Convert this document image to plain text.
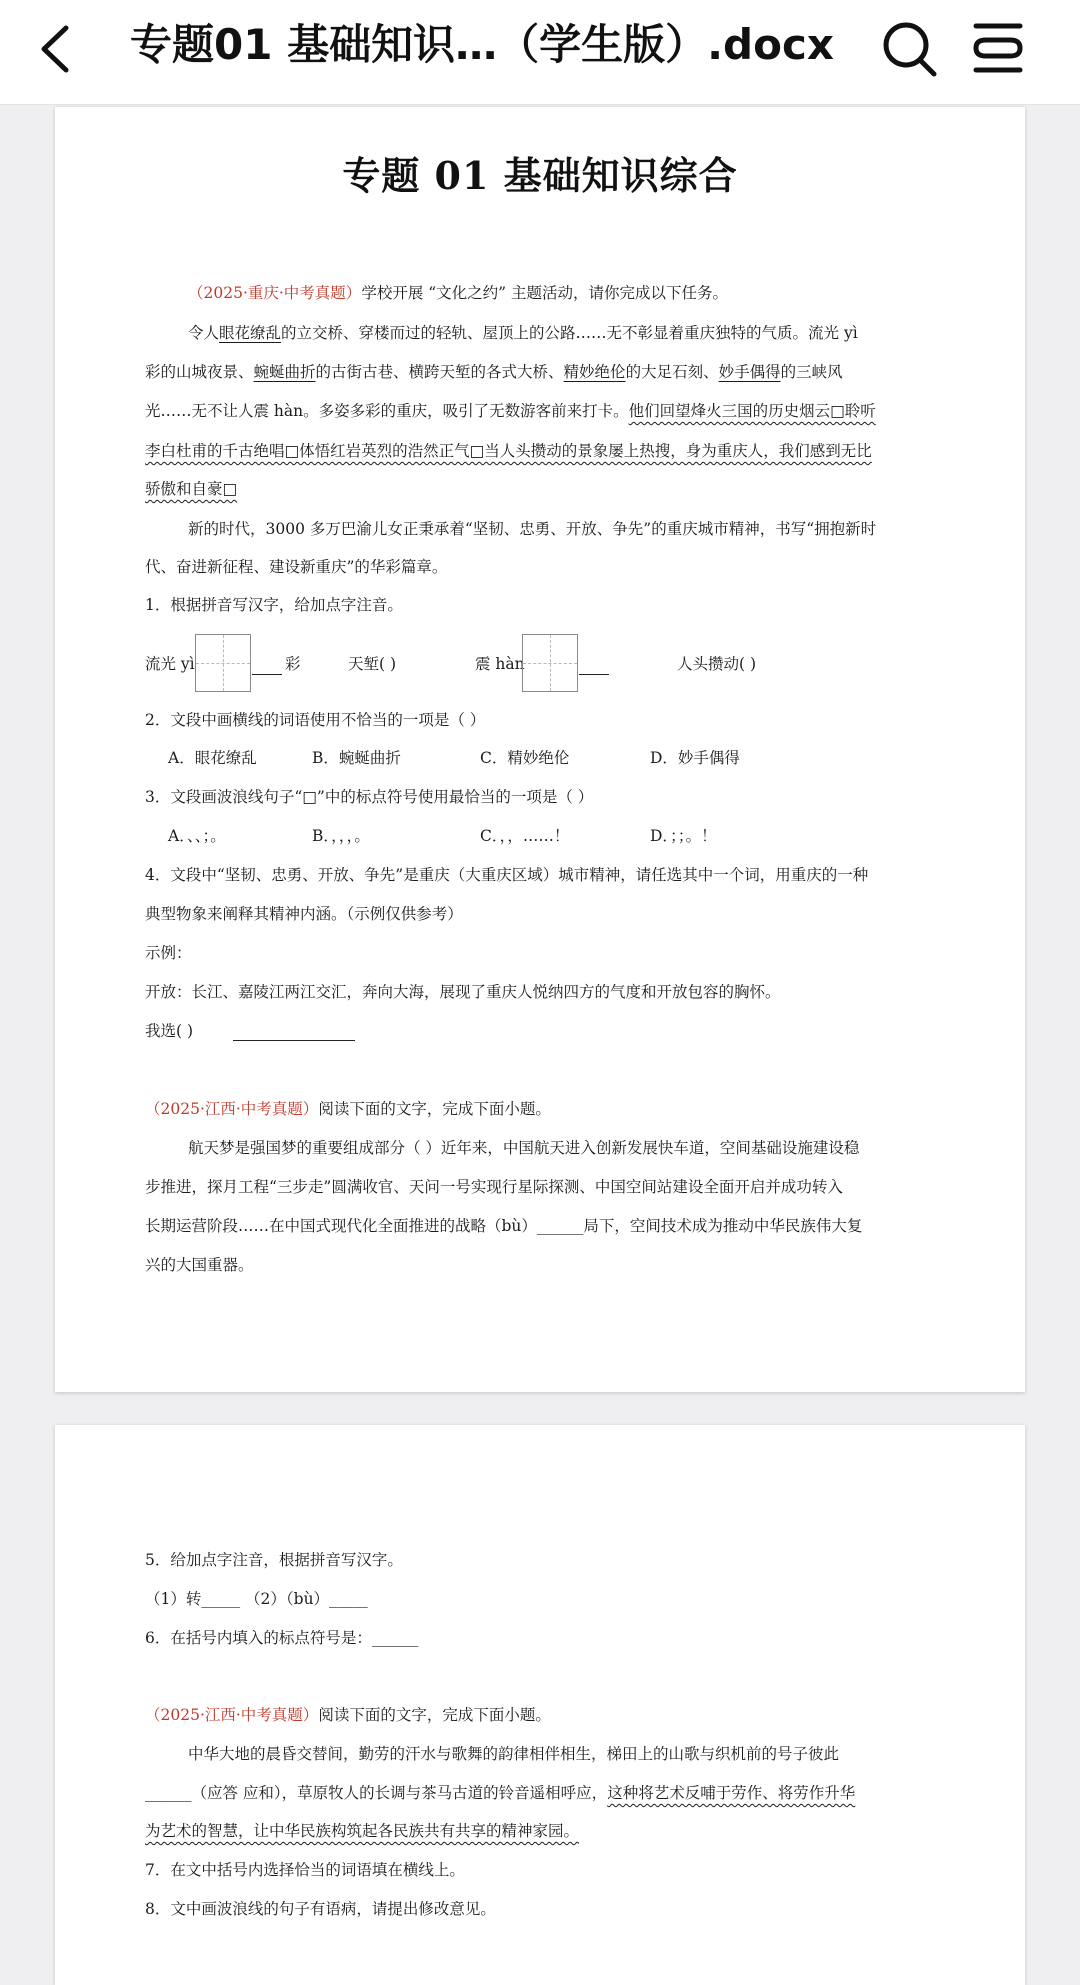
专题01 基础知识…（学生版）.docx
专题 01 基础知识综合
（2025·重庆·中考真题）学校开展 “文化之约” 主题活动，请你完成以下任务。
令人眼花缭乱的立交桥、穿楼而过的轻轨、屋顶上的公路……无不彰显着重庆独特的气质。流光 yì
彩的山城夜景、蜿蜒曲折的古街古巷、横跨天堑的各式大桥、精妙绝伦的大足石刻、妙手偶得的三峡风
光……无不让人震 hàn。多姿多彩的重庆，吸引了无数游客前来打卡。他们回望烽火三国的历史烟云□聆听
李白杜甫的千古绝唱□体悟红岩英烈的浩然正气□当人头攒动的景象屡上热搜，身为重庆人，我们感到无比
骄傲和自豪□
新的时代，3000 多万巴渝儿女正秉承着“坚韧、忠勇、开放、争先”的重庆城市精神，书写“拥抱新时
代、奋进新征程、建设新重庆”的华彩篇章。
1．根据拼音写汉字，给加点字注音。
流光 yì	彩	天堑( )	震 hàn	人头攒动( )
2．文段中画横线的词语使用不恰当的一项是（ ）
A．眼花缭乱	B．蜿蜒曲折	C．精妙绝伦	D．妙手偶得
3．文段画波浪线句子“□”中的标点符号使用最恰当的一项是（ ）
A．、、；。	B．，，，。	C．，，……！	D．；；。！
4．文段中“坚韧、忠勇、开放、争先”是重庆（大重庆区域）城市精神，请任选其中一个词，用重庆的一种
典型物象来阐释其精神内涵。（示例仅供参考）
示例：
开放：长江、嘉陵江两江交汇，奔向大海，展现了重庆人悦纳四方的气度和开放包容的胸怀。
我选( )
（2025·江西·中考真题）阅读下面的文字，完成下面小题。
航天梦是强国梦的重要组成部分（ ）近年来，中国航天进入创新发展快车道，空间基础设施建设稳
步推进，探月工程“三步走”圆满收官、天问一号实现行星际探测、中国空间站建设全面开启并成功转入
长期运营阶段……在中国式现代化全面推进的战略（bù）______局下，空间技术成为推动中华民族伟大复
兴的大国重器。
5．给加点字注音，根据拼音写汉字。
（1）转_____ （2）（bù）_____
6．在括号内填入的标点符号是：______
（2025·江西·中考真题）阅读下面的文字，完成下面小题。
中华大地的晨昏交替间，勤劳的汗水与歌舞的韵律相伴相生，梯田上的山歌与织机前的号子彼此
______（应答 应和），草原牧人的长调与茶马古道的铃音遥相呼应，这种将艺术反哺于劳作、将劳作升华
为艺术的智慧，让中华民族构筑起各民族共有共享的精神家园。
7．在文中括号内选择恰当的词语填在横线上。
8．文中画波浪线的句子有语病，请提出修改意见。
